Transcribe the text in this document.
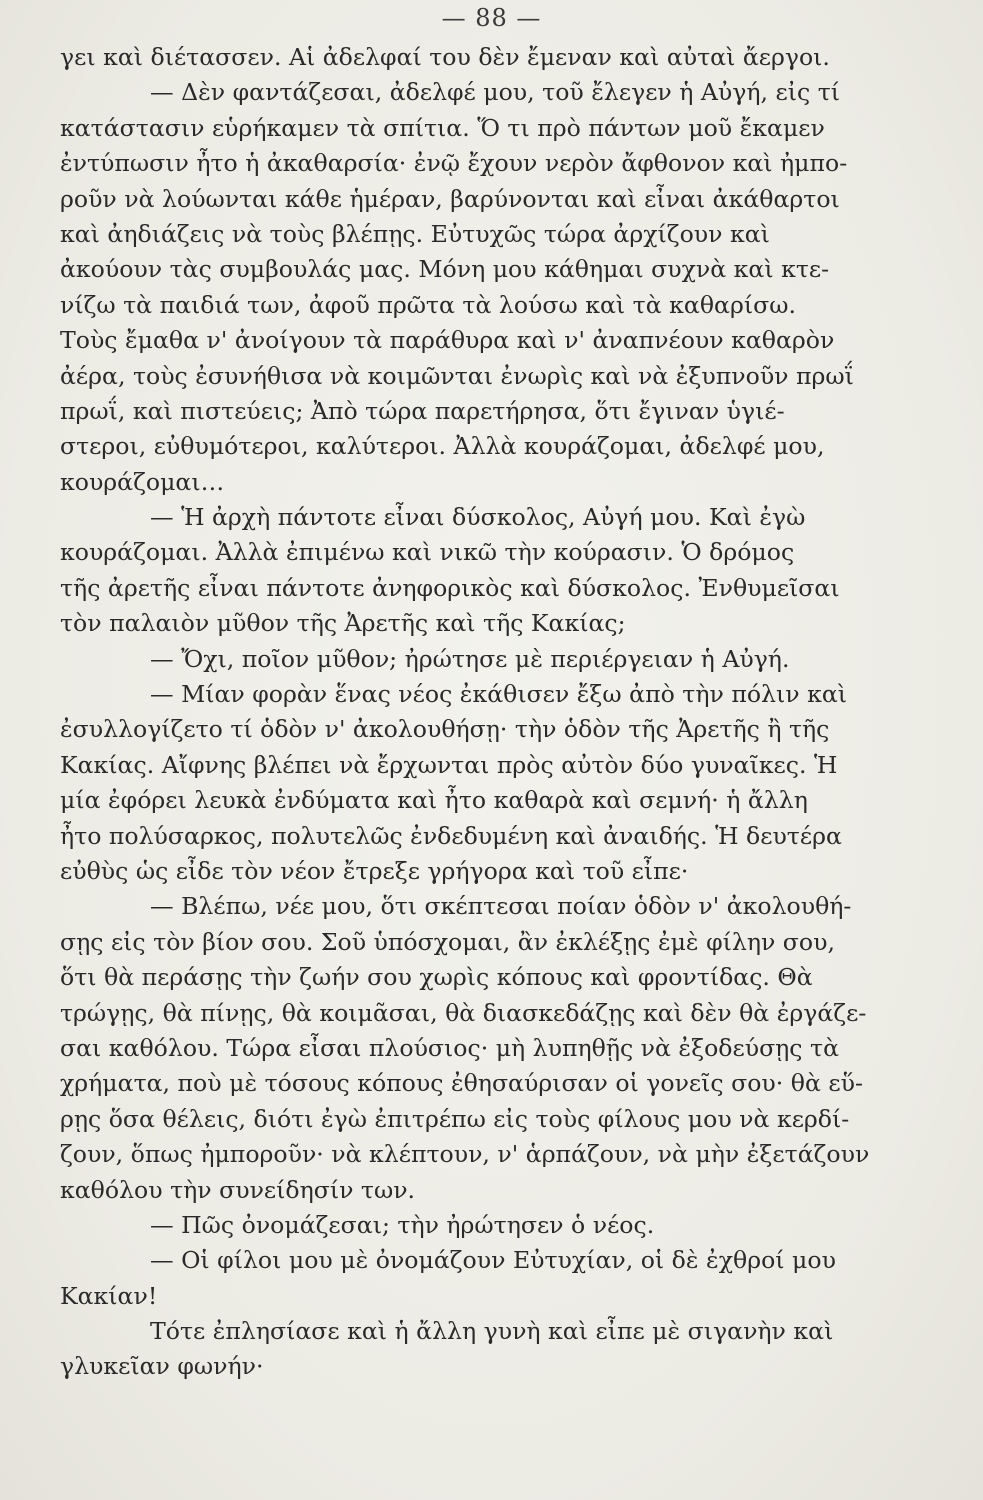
— 88 —
γει καὶ διέτασσεν. Αἱ ἀδελφαί του δὲν ἔμεναν καὶ αὐταὶ ἄεργοι.
— Δὲν φαντάζεσαι, ἀδελφέ μου, τοῦ ἔλεγεν ἡ Αὐγή, εἰς τί
κατάστασιν εὑρήκαμεν τὰ σπίτια. Ὅ τι πρὸ πάντων μοῦ ἔκαμεν
ἐντύπωσιν ἦτο ἡ ἀκαθαρσία· ἐνῷ ἔχουν νερὸν ἄφθονον καὶ ἠμπο-
ροῦν νὰ λούωνται κάθε ἡμέραν, βαρύνονται καὶ εἶναι ἀκάθαρτοι
καὶ ἀηδιάζεις νὰ τοὺς βλέπῃς. Εὐτυχῶς τώρα ἀρχίζουν καὶ
ἀκούουν τὰς συμβουλάς μας. Μόνη μου κάθημαι συχνὰ καὶ κτε-
νίζω τὰ παιδιά των, ἀφοῦ πρῶτα τὰ λούσω καὶ τὰ καθαρίσω.
Τοὺς ἔμαθα ν' ἀνοίγουν τὰ παράθυρα καὶ ν' ἀναπνέουν καθαρὸν
ἀέρα, τοὺς ἐσυνήθισα νὰ κοιμῶνται ἐνωρὶς καὶ νὰ ἐξυπνοῦν πρωΐ
πρωΐ, καὶ πιστεύεις; Ἀπὸ τώρα παρετήρησα, ὅτι ἔγιναν ὑγιέ-
στεροι, εὐθυμότεροι, καλύτεροι. Ἀλλὰ κουράζομαι, ἀδελφέ μου,
κουράζομαι…
— Ἡ ἀρχὴ πάντοτε εἶναι δύσκολος, Αὐγή μου. Καὶ ἐγὼ
κουράζομαι. Ἀλλὰ ἐπιμένω καὶ νικῶ τὴν κούρασιν. Ὁ δρόμος
τῆς ἀρετῆς εἶναι πάντοτε ἀνηφορικὸς καὶ δύσκολος. Ἐνθυμεῖσαι
τὸν παλαιὸν μῦθον τῆς Ἀρετῆς καὶ τῆς Κακίας;
— Ὄχι, ποῖον μῦθον; ἠρώτησε μὲ περιέργειαν ἡ Αὐγή.
— Μίαν φορὰν ἕνας νέος ἐκάθισεν ἔξω ἀπὸ τὴν πόλιν καὶ
ἐσυλλογίζετο τί ὁδὸν ν' ἀκολουθήσῃ· τὴν ὁδὸν τῆς Ἀρετῆς ἢ τῆς
Κακίας. Αἴφνης βλέπει νὰ ἔρχωνται πρὸς αὐτὸν δύο γυναῖκες. Ἡ
μία ἐφόρει λευκὰ ἐνδύματα καὶ ἦτο καθαρὰ καὶ σεμνή· ἡ ἄλλη
ἦτο πολύσαρκος, πολυτελῶς ἐνδεδυμένη καὶ ἀναιδής. Ἡ δευτέρα
εὐθὺς ὡς εἶδε τὸν νέον ἔτρεξε γρήγορα καὶ τοῦ εἶπε·
— Βλέπω, νέε μου, ὅτι σκέπτεσαι ποίαν ὁδὸν ν' ἀκολουθή-
σῃς εἰς τὸν βίον σου. Σοῦ ὑπόσχομαι, ἂν ἐκλέξῃς ἐμὲ φίλην σου,
ὅτι θὰ περάσῃς τὴν ζωήν σου χωρὶς κόπους καὶ φροντίδας. Θὰ
τρώγῃς, θὰ πίνῃς, θὰ κοιμᾶσαι, θὰ διασκεδάζῃς καὶ δὲν θὰ ἐργάζε-
σαι καθόλου. Τώρα εἶσαι πλούσιος· μὴ λυπηθῇς νὰ ἐξοδεύσῃς τὰ
χρήματα, ποὺ μὲ τόσους κόπους ἐθησαύρισαν οἱ γονεῖς σου· θὰ εὕ-
ρῃς ὅσα θέλεις, διότι ἐγὼ ἐπιτρέπω εἰς τοὺς φίλους μου νὰ κερδί-
ζουν, ὅπως ἠμποροῦν· νὰ κλέπτουν, ν' ἁρπάζουν, νὰ μὴν ἐξετάζουν
καθόλου τὴν συνείδησίν των.
— Πῶς ὀνομάζεσαι; τὴν ἠρώτησεν ὁ νέος.
— Οἱ φίλοι μου μὲ ὀνομάζουν Εὐτυχίαν, οἱ δὲ ἐχθροί μου
Κακίαν!
Τότε ἐπλησίασε καὶ ἡ ἄλλη γυνὴ καὶ εἶπε μὲ σιγανὴν καὶ
γλυκεῖαν φωνήν·
